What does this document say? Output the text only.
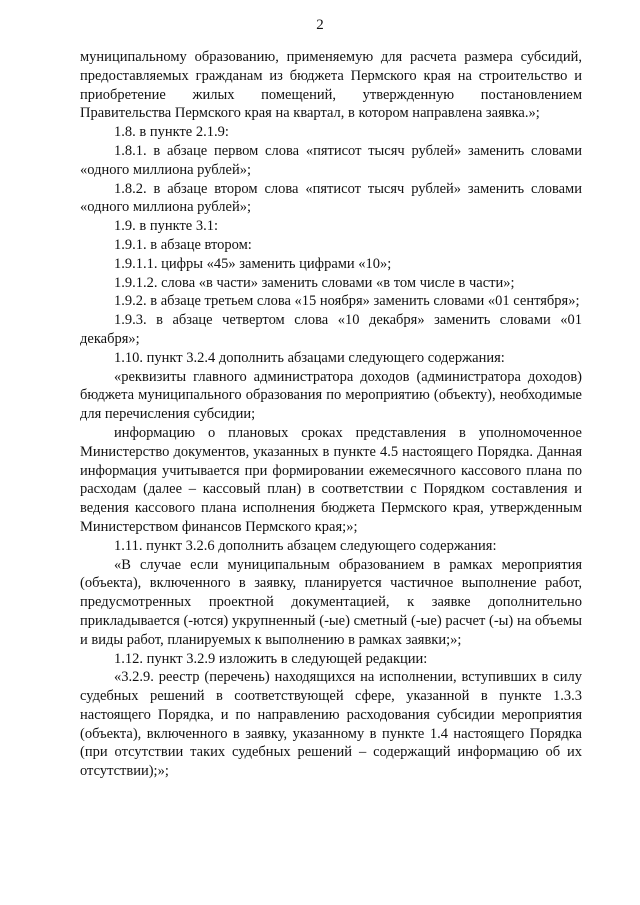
2

муниципальному образованию, применяемую для расчета размера субсидий, предоставляемых гражданам из бюджета Пермского края на строительство и приобретение жилых помещений, утвержденную постановлением Правительства Пермского края на квартал, в котором направлена заявка.»;

1.8. в пункте 2.1.9:

1.8.1. в абзаце первом слова «пятисот тысяч рублей» заменить словами «одного миллиона рублей»;

1.8.2. в абзаце втором слова «пятисот тысяч рублей» заменить словами «одного миллиона рублей»;

1.9. в пункте 3.1:

1.9.1. в абзаце втором:

1.9.1.1. цифры «45» заменить цифрами «10»;

1.9.1.2. слова «в части» заменить словами «в том числе в части»;

1.9.2. в абзаце третьем слова «15 ноября» заменить словами «01 сентября»;

1.9.3. в абзаце четвертом слова «10 декабря» заменить словами «01 декабря»;

1.10. пункт 3.2.4 дополнить абзацами следующего содержания:

«реквизиты главного администратора доходов (администратора доходов) бюджета муниципального образования по мероприятию (объекту), необходимые для перечисления субсидии;

информацию о плановых сроках представления в уполномоченное Министерство документов, указанных в пункте 4.5 настоящего Порядка. Данная информация учитывается при формировании ежемесячного кассового плана по расходам (далее – кассовый план) в соответствии с Порядком составления и ведения кассового плана исполнения бюджета Пермского края, утвержденным Министерством финансов Пермского края;»;

1.11. пункт 3.2.6 дополнить абзацем следующего содержания:

«В случае если муниципальным образованием в рамках мероприятия (объекта), включенного в заявку, планируется частичное выполнение работ, предусмотренных проектной документацией, к заявке дополнительно прикладывается (-ются) укрупненный (-ые) сметный (-ые) расчет (-ы) на объемы и виды работ, планируемых к выполнению в рамках заявки;»;

1.12. пункт 3.2.9 изложить в следующей редакции:

«3.2.9. реестр (перечень) находящихся на исполнении, вступивших в силу судебных решений в соответствующей сфере, указанной в пункте 1.3.3 настоящего Порядка, и по направлению расходования субсидии мероприятия (объекта), включенного в заявку, указанному в пункте 1.4 настоящего Порядка (при отсутствии таких судебных решений – содержащий информацию об их отсутствии);»;
